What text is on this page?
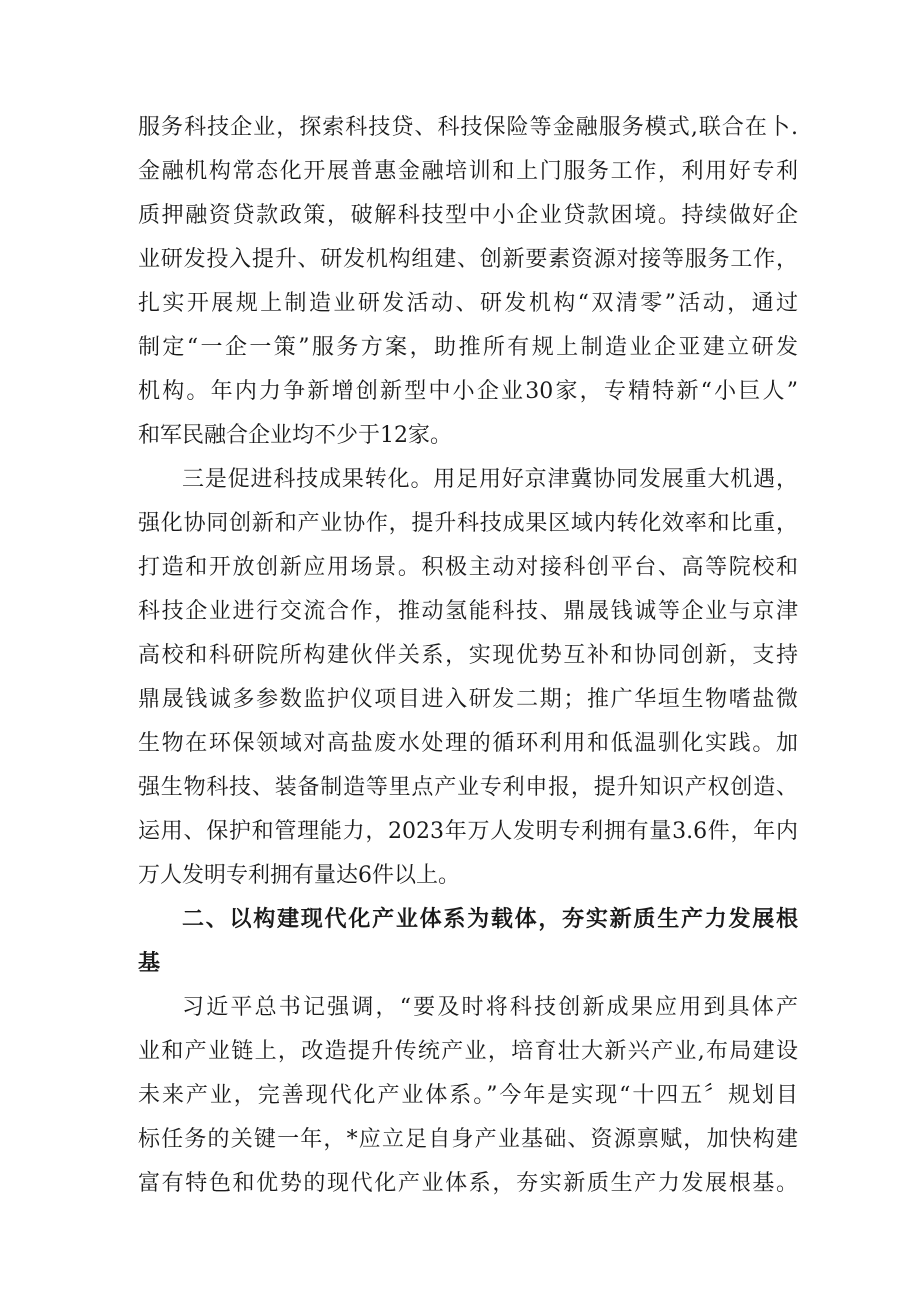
服务科技企业，探索科技贷、科技保险等金融服务模式,联合在卜.
金融机构常态化开展普惠金融培训和上门服务工作，利用好专利
质押融资贷款政策，破解科技型中小企业贷款困境。持续做好企
业研发投入提升、研发机构组建、创新要素资源对接等服务工作，
扎实开展规上制造业研发活动、研发机构“双清零”活动，通过
制定“一企一策”服务方案，助推所有规上制造业企亚建立研发
机构。年内力争新增创新型中小企业30家，专精特新“小巨人”
和军民融合企业均不少于12家。
三是促进科技成果转化。用足用好京津冀协同发展重大机遇，
强化协同创新和产业协作，提升科技成果区域内转化效率和比重，
打造和开放创新应用场景。积极主动对接科创平台、高等院校和
科技企业进行交流合作，推动氢能科技、鼎晟钱诚等企业与京津
高校和科研院所构建伙伴关系，实现优势互补和协同创新，支持
鼎晟钱诚多参数监护仪项目进入研发二期；推广华垣生物嗜盐微
生物在环保领域对高盐废水处理的循环利用和低温驯化实践。加
强生物科技、装备制造等里点产业专利申报，提升知识产权创造、
运用、保护和管理能力，2023年万人发明专利拥有量3.6件，年内
万人发明专利拥有量达6件以上。
二、以构建现代化产业体系为载体，夯实新质生产力发展根
基
习近平总书记强调，“要及时将科技创新成果应用到具体产
业和产业链上，改造提升传统产业，培育壮大新兴产业,布局建设
未来产业，完善现代化产业体系。”今年是实现“十四五〞规划目
标任务的关键一年，*应立足自身产业基础、资源禀赋，加快构建
富有特色和优势的现代化产业体系，夯实新质生产力发展根基。
